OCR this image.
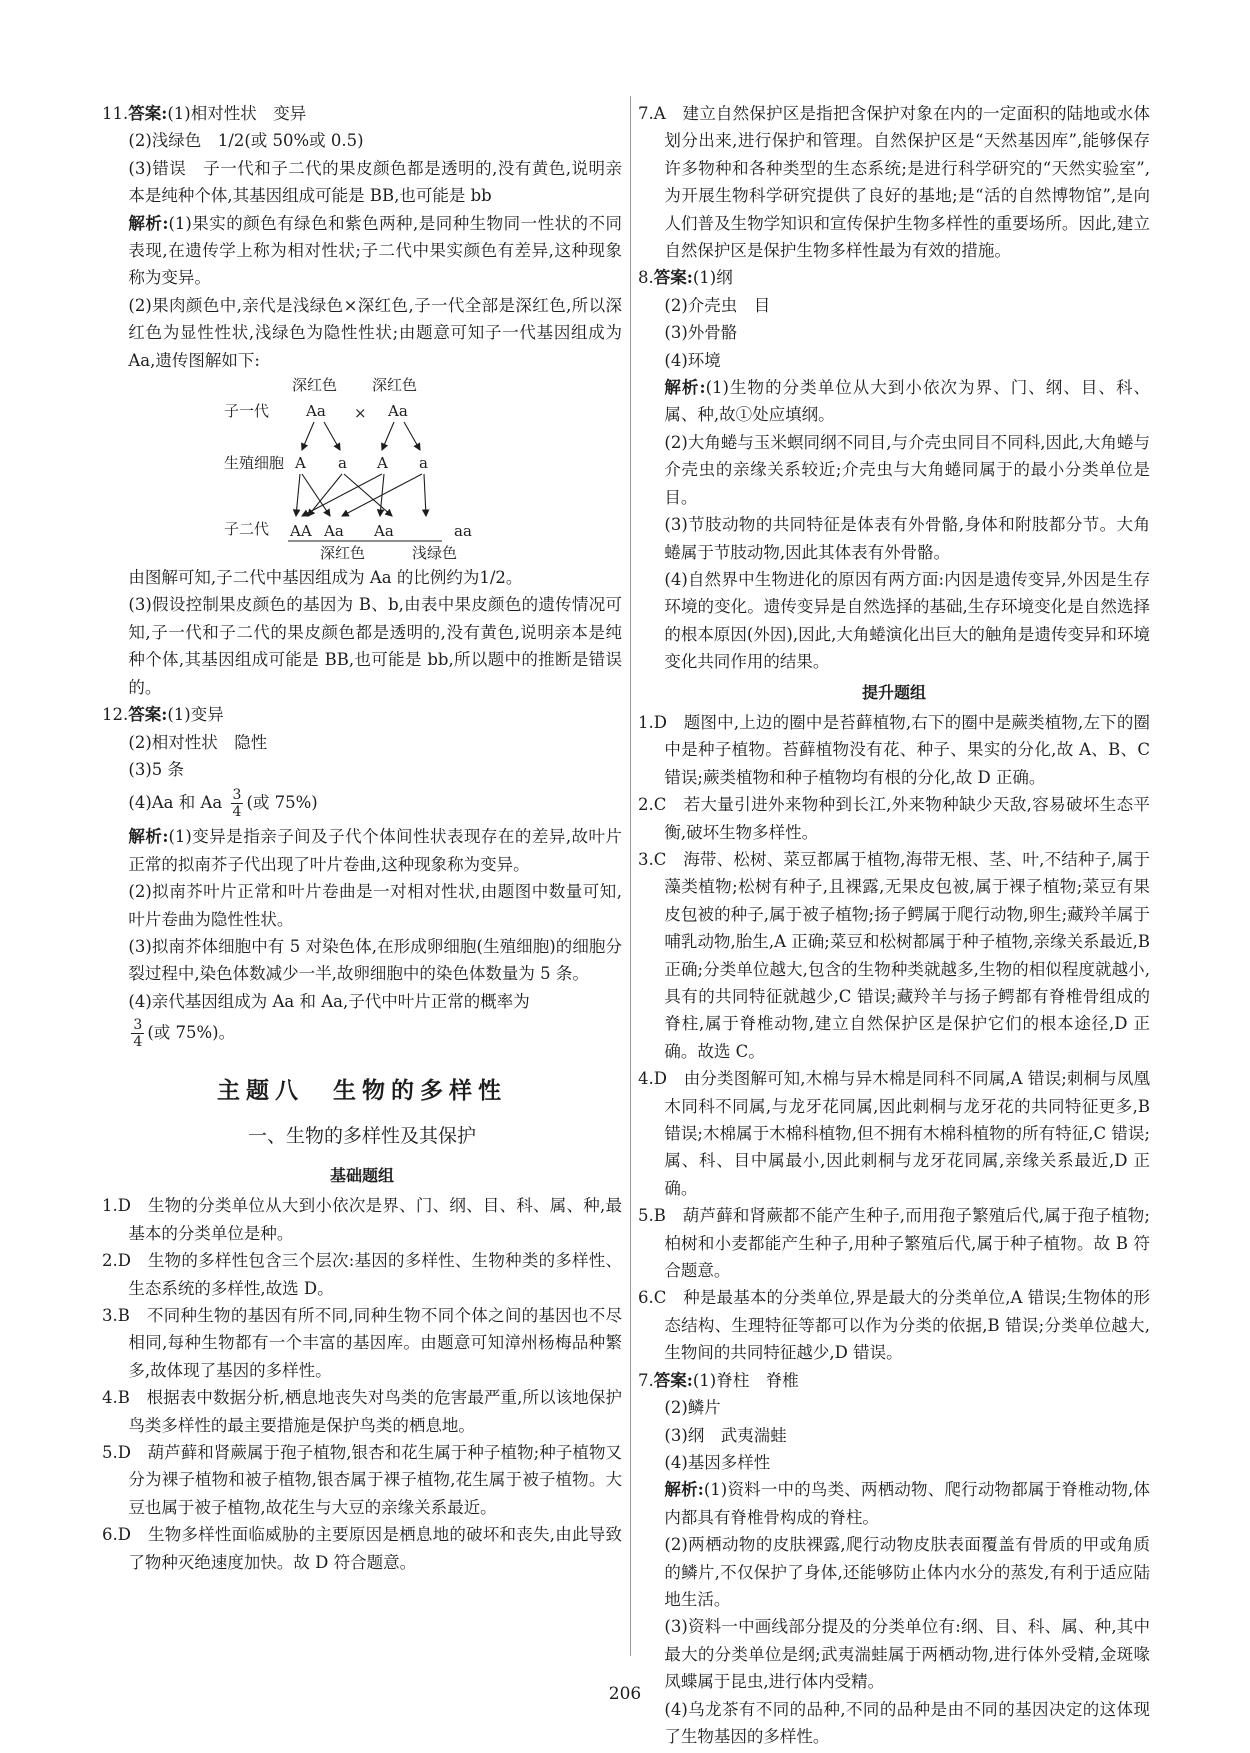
11.答案:(1)相对性状　变异

(2)浅绿色　1/2(或 50%或 0.5)

(3)错误　子一代和子二代的果皮颜色都是透明的,没有黄色,说明亲本是纯种个体,其基因组成可能是 BB,也可能是 bb

解析:(1)果实的颜色有绿色和紫色两种,是同种生物同一性状的不同表现,在遗传学上称为相对性状;子二代中果实颜色有差异,这种现象称为变异。

(2)果肉颜色中,亲代是浅绿色×深红色,子一代全部是深红色,所以深红色为显性性状,浅绿色为隐性性状;由题意可知子一代基因组成为 Aa,遗传图解如下:

深红色 深红色
子一代 Aa × Aa
生殖细胞 A a A a
子二代 AA Aa Aa	aa
深红色	浅绿色

由图解可知,子二代中基因组成为 Aa 的比例约为1/2。

(3)假设控制果皮颜色的基因为 B、b,由表中果皮颜色的遗传情况可知,子一代和子二代的果皮颜色都是透明的,没有黄色,说明亲本是纯种个体,其基因组成可能是 BB,也可能是 bb,所以题中的推断是错误的。

12.答案:(1)变异

(2)相对性状　隐性

(3)5 条

(4)Aa 和 Aa $\frac{3}{4}$ (或 75%)

解析:(1)变异是指亲子间及子代个体间性状表现存在的差异,故叶片正常的拟南芥子代出现了叶片卷曲,这种现象称为变异。

(2)拟南芥叶片正常和叶片卷曲是一对相对性状,由题图中数量可知,叶片卷曲为隐性性状。

(3)拟南芥体细胞中有 5 对染色体,在形成卵细胞(生殖细胞)的细胞分裂过程中,染色体数减少一半,故卵细胞中的染色体数量为 5 条。

(4)亲代基因组成为 Aa 和 Aa,子代中叶片正常的概率为

$\frac{3}{4}$ (或 75%)。

主题八　生物的多样性
一、生物的多样性及其保护
基础题组

1.D　生物的分类单位从大到小依次是界、门、纲、目、科、属、种,最基本的分类单位是种。

2.D　生物的多样性包含三个层次:基因的多样性、生物种类的多样性、生态系统的多样性,故选 D。

3.B　不同种生物的基因有所不同,同种生物不同个体之间的基因也不尽相同,每种生物都有一个丰富的基因库。由题意可知漳州杨梅品种繁多,故体现了基因的多样性。

4.B　根据表中数据分析,栖息地丧失对鸟类的危害最严重,所以该地保护鸟类多样性的最主要措施是保护鸟类的栖息地。

5.D　葫芦藓和肾蕨属于孢子植物,银杏和花生属于种子植物;种子植物又分为裸子植物和被子植物,银杏属于裸子植物,花生属于被子植物。大豆也属于被子植物,故花生与大豆的亲缘关系最近。

6.D　生物多样性面临威胁的主要原因是栖息地的破坏和丧失,由此导致了物种灭绝速度加快。故 D 符合题意。

7.A　建立自然保护区是指把含保护对象在内的一定面积的陆地或水体划分出来,进行保护和管理。自然保护区是“天然基因库”,能够保存许多物种和各种类型的生态系统;是进行科学研究的“天然实验室”,为开展生物科学研究提供了良好的基地;是“活的自然博物馆”,是向人们普及生物学知识和宣传保护生物多样性的重要场所。因此,建立自然保护区是保护生物多样性最为有效的措施。

8.答案:(1)纲

(2)介壳虫　目

(3)外骨骼

(4)环境

解析:(1)生物的分类单位从大到小依次为界、门、纲、目、科、属、种,故①处应填纲。

(2)大角蜷与玉米螟同纲不同目,与介壳虫同目不同科,因此,大角蜷与介壳虫的亲缘关系较近;介壳虫与大角蜷同属于的最小分类单位是目。

(3)节肢动物的共同特征是体表有外骨骼,身体和附肢都分节。大角蜷属于节肢动物,因此其体表有外骨骼。

(4)自然界中生物进化的原因有两方面:内因是遗传变异,外因是生存环境的变化。遗传变异是自然选择的基础,生存环境变化是自然选择的根本原因(外因),因此,大角蜷演化出巨大的触角是遗传变异和环境变化共同作用的结果。

提升题组

1.D　题图中,上边的圈中是苔藓植物,右下的圈中是蕨类植物,左下的圈中是种子植物。苔藓植物没有花、种子、果实的分化,故 A、B、C 错误;蕨类植物和种子植物均有根的分化,故 D 正确。

2.C　若大量引进外来物种到长江,外来物种缺少天敌,容易破坏生态平衡,破坏生物多样性。

3.C　海带、松树、菜豆都属于植物,海带无根、茎、叶,不结种子,属于藻类植物;松树有种子,且裸露,无果皮包被,属于裸子植物;菜豆有果皮包被的种子,属于被子植物;扬子鳄属于爬行动物,卵生;藏羚羊属于哺乳动物,胎生,A 正确;菜豆和松树都属于种子植物,亲缘关系最近,B 正确;分类单位越大,包含的生物种类就越多,生物的相似程度就越小,具有的共同特征就越少,C 错误;藏羚羊与扬子鳄都有脊椎骨组成的脊柱,属于脊椎动物,建立自然保护区是保护它们的根本途径,D 正确。故选 C。

4.D　由分类图解可知,木棉与异木棉是同科不同属,A 错误;刺桐与凤凰木同科不同属,与龙牙花同属,因此刺桐与龙牙花的共同特征更多,B 错误;木棉属于木棉科植物,但不拥有木棉科植物的所有特征,C 错误;属、科、目中属最小,因此刺桐与龙牙花同属,亲缘关系最近,D 正确。

5.B　葫芦藓和肾蕨都不能产生种子,而用孢子繁殖后代,属于孢子植物;柏树和小麦都能产生种子,用种子繁殖后代,属于种子植物。故 B 符合题意。

6.C　种是最基本的分类单位,界是最大的分类单位,A 错误;生物体的形态结构、生理特征等都可以作为分类的依据,B 错误;分类单位越大,生物间的共同特征越少,D 错误。

7.答案:(1)脊柱　脊椎

(2)鳞片

(3)纲　武夷湍蛙

(4)基因多样性

解析:(1)资料一中的鸟类、两栖动物、爬行动物都属于脊椎动物,体内都具有脊椎骨构成的脊柱。

(2)两栖动物的皮肤裸露,爬行动物皮肤表面覆盖有骨质的甲或角质的鳞片,不仅保护了身体,还能够防止体内水分的蒸发,有利于适应陆地生活。

(3)资料一中画线部分提及的分类单位有:纲、目、科、属、种,其中最大的分类单位是纲;武夷湍蛙属于两栖动物,进行体外受精,金斑喙凤蝶属于昆虫,进行体内受精。

(4)乌龙茶有不同的品种,不同的品种是由不同的基因决定的这体现了生物基因的多样性。

206
